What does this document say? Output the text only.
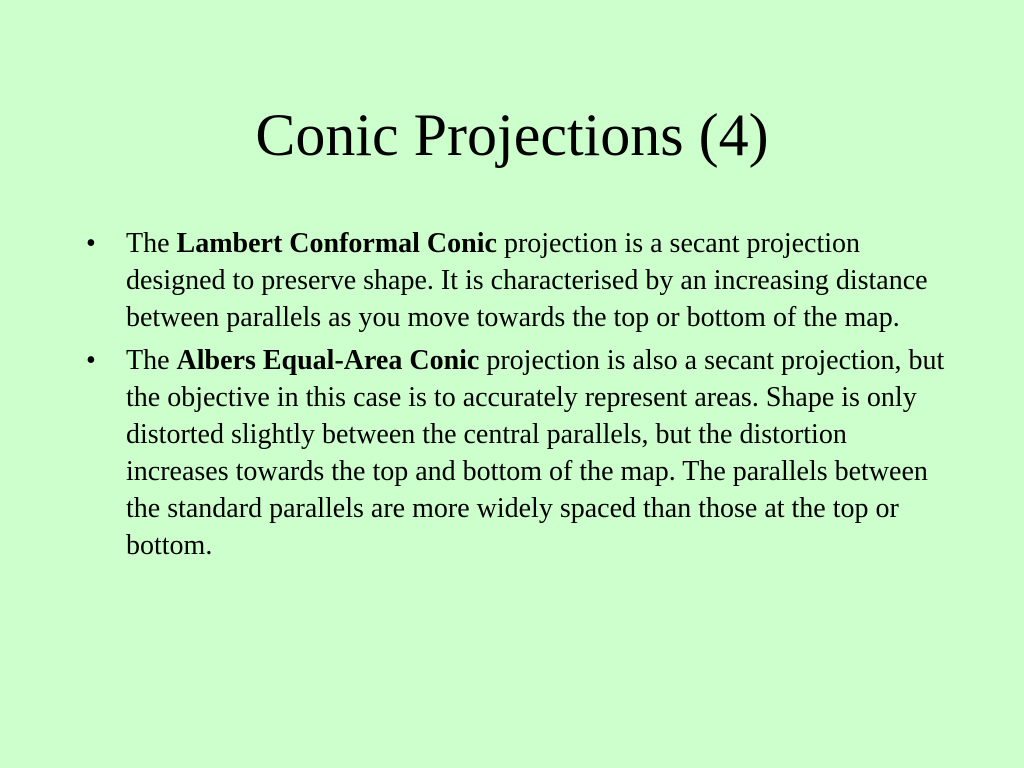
Conic Projections (4)
•	The Lambert Conformal Conic projection is a secant projection designed to preserve shape. It is characterised by an increasing distance between parallels as you move towards the top or bottom of the map.
•	The Albers Equal-Area Conic projection is also a secant projection, but the objective in this case is to accurately represent areas. Shape is only distorted slightly between the central parallels, but the distortion increases towards the top and bottom of the map. The parallels between the standard parallels are more widely spaced than those at the top or bottom.
